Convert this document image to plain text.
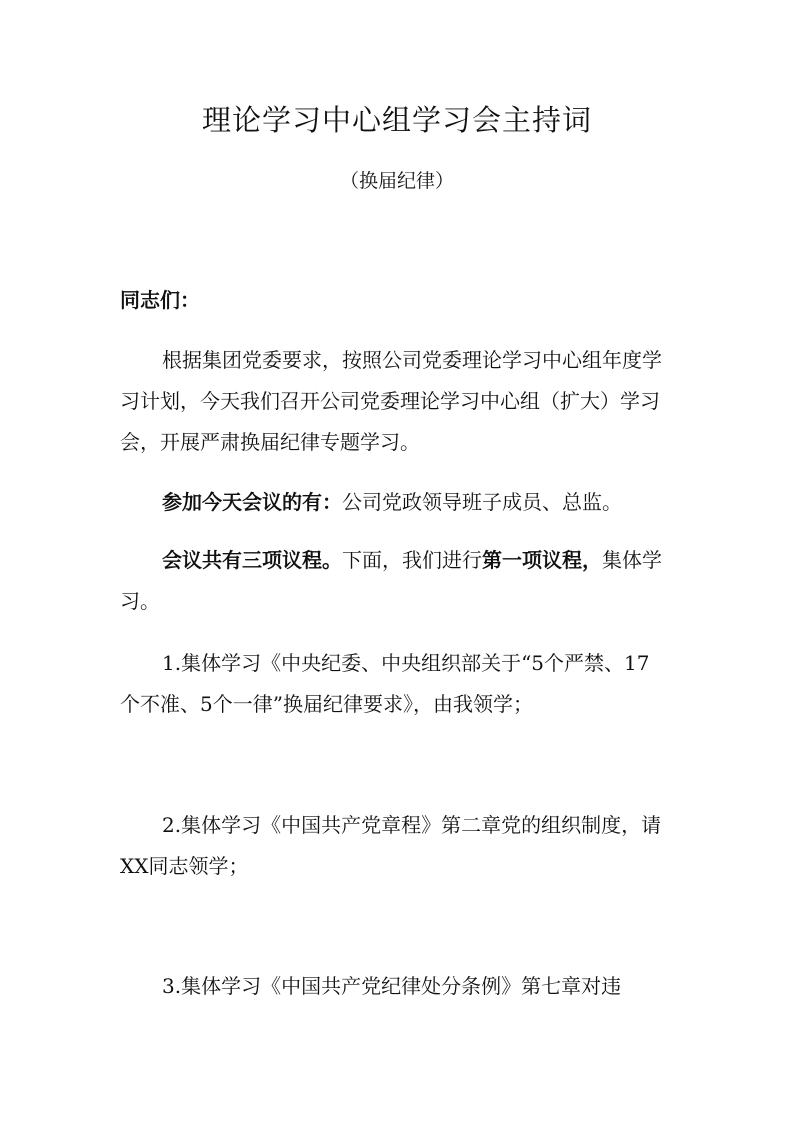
理论学习中心组学习会主持词
（换届纪律）

同志们：

根据集团党委要求，按照公司党委理论学习中心组年度学习计划，今天我们召开公司党委理论学习中心组（扩大）学习会，开展严肃换届纪律专题学习。

参加今天会议的有：公司党政领导班子成员、总监。

会议共有三项议程。下面，我们进行第一项议程，集体学习。

1.集体学习《中央纪委、中央组织部关于“5个严禁、17个不准、5个一律”换届纪律要求》，由我领学；

2.集体学习《中国共产党章程》第二章党的组织制度，请XX同志领学；

3.集体学习《中国共产党纪律处分条例》第七章对违
